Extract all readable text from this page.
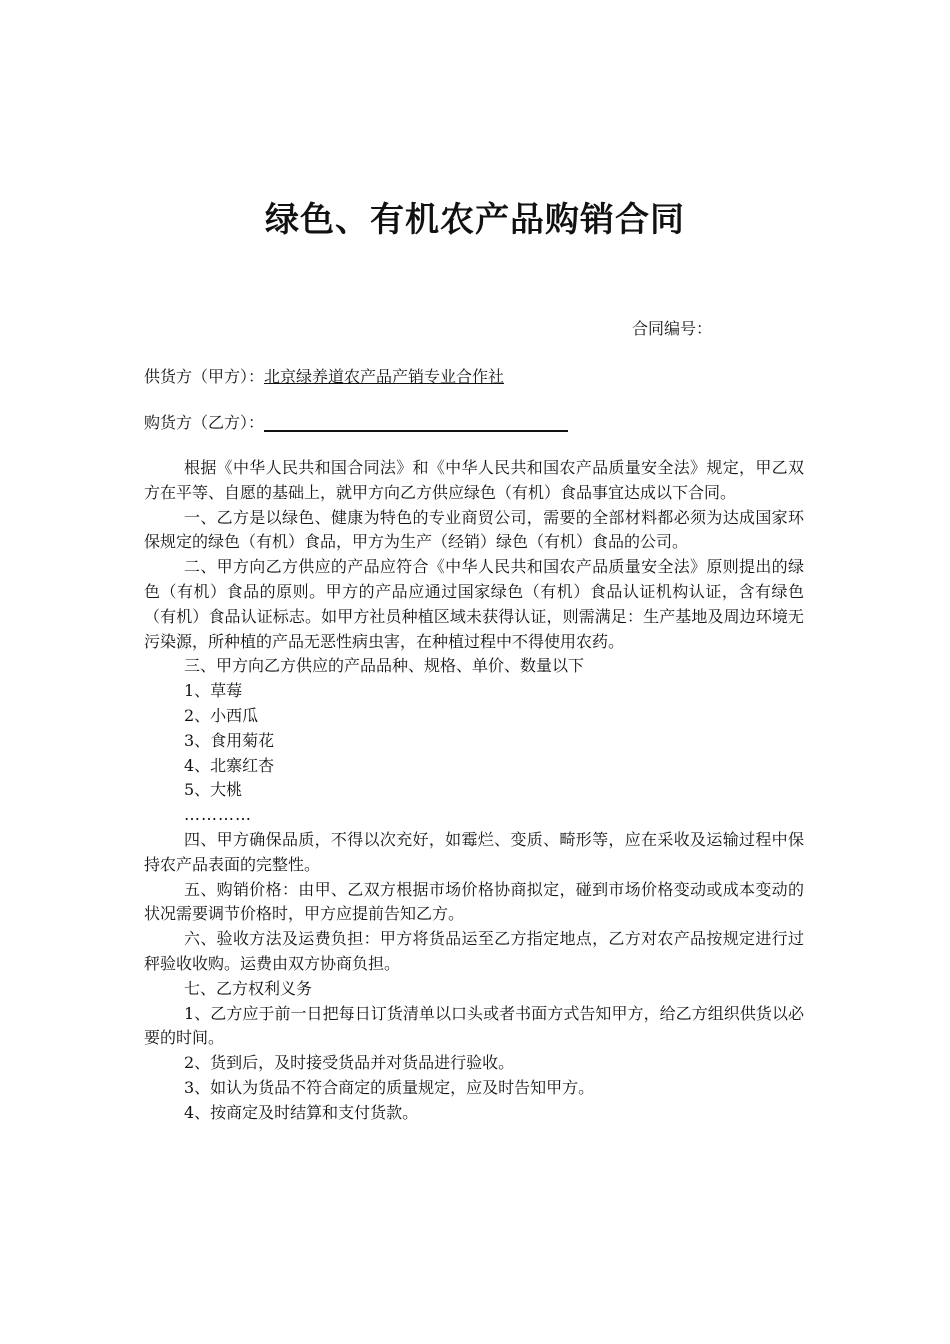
绿色、有机农产品购销合同
合同编号：
供货方（甲方）：北京绿养道农产品产销专业合作社
购货方（乙方）：

根据《中华人民共和国合同法》和《中华人民共和国农产品质量安全法》规定，甲乙双方在平等、自愿的基础上，就甲方向乙方供应绿色（有机）食品事宜达成以下合同。

一、乙方是以绿色、健康为特色的专业商贸公司，需要的全部材料都必须为达成国家环保规定的绿色（有机）食品，甲方为生产（经销）绿色（有机）食品的公司。

二、甲方向乙方供应的产品应符合《中华人民共和国农产品质量安全法》原则提出的绿色（有机）食品的原则。甲方的产品应通过国家绿色（有机）食品认证机构认证，含有绿色（有机）食品认证标志。如甲方社员种植区域未获得认证，则需满足：生产基地及周边环境无污染源，所种植的产品无恶性病虫害，在种植过程中不得使用农药。

三、甲方向乙方供应的产品品种、规格、单价、数量以下

1、草莓

2、小西瓜

3、食用菊花

4、北寨红杏

5、大桃

…………

四、甲方确保品质，不得以次充好，如霉烂、变质、畸形等，应在采收及运输过程中保持农产品表面的完整性。

五、购销价格：由甲、乙双方根据市场价格协商拟定，碰到市场价格变动或成本变动的状况需要调节价格时，甲方应提前告知乙方。

六、验收方法及运费负担：甲方将货品运至乙方指定地点，乙方对农产品按规定进行过秤验收收购。运费由双方协商负担。

七、乙方权利义务

1、乙方应于前一日把每日订货清单以口头或者书面方式告知甲方，给乙方组织供货以必要的时间。

2、货到后，及时接受货品并对货品进行验收。

3、如认为货品不符合商定的质量规定，应及时告知甲方。

4、按商定及时结算和支付货款。
